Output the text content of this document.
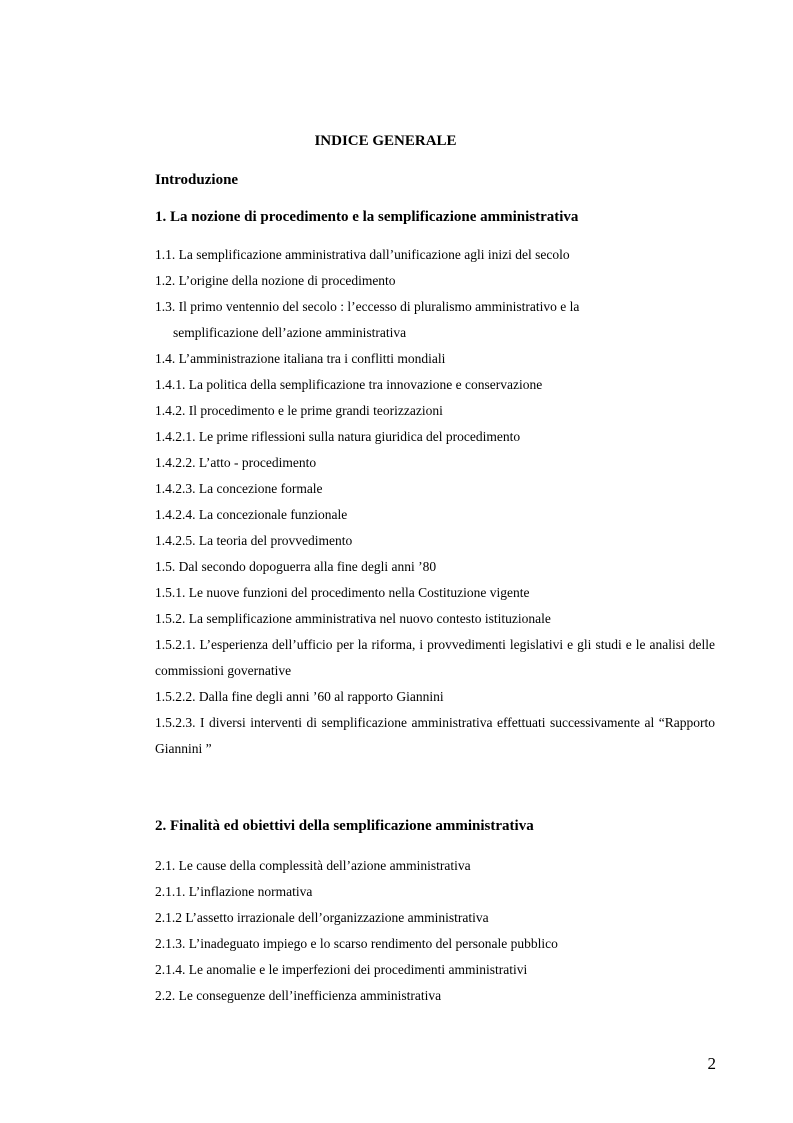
INDICE GENERALE
Introduzione
1. La nozione di procedimento e la semplificazione amministrativa
1.1. La semplificazione amministrativa dall’unificazione agli inizi del secolo
1.2. L’origine della nozione di procedimento
1.3. Il primo ventennio del secolo : l’eccesso di pluralismo amministrativo e la
semplificazione dell’azione amministrativa
1.4. L’amministrazione italiana tra i conflitti mondiali
1.4.1. La politica della semplificazione tra innovazione e conservazione
1.4.2. Il procedimento e le prime grandi teorizzazioni
1.4.2.1. Le prime riflessioni sulla natura giuridica del procedimento
1.4.2.2. L’atto - procedimento
1.4.2.3. La concezione formale
1.4.2.4. La concezionale funzionale
1.4.2.5. La teoria del provvedimento
1.5. Dal secondo dopoguerra alla fine degli anni ’80
1.5.1. Le nuove funzioni del procedimento nella Costituzione vigente
1.5.2. La semplificazione amministrativa nel nuovo contesto istituzionale
1.5.2.1. L’esperienza dell’ufficio per la riforma, i provvedimenti legislativi e gli studi e le analisi delle commissioni governative
1.5.2.2. Dalla fine degli anni ’60 al rapporto Giannini
1.5.2.3. I diversi interventi di semplificazione amministrativa effettuati successivamente al “Rapporto Giannini ”
2. Finalità ed obiettivi della semplificazione amministrativa
2.1. Le cause della complessità dell’azione amministrativa
2.1.1. L’inflazione normativa
2.1.2 L’assetto irrazionale dell’organizzazione amministrativa
2.1.3. L’inadeguato impiego e lo scarso rendimento del personale pubblico
2.1.4. Le anomalie e le imperfezioni dei procedimenti amministrativi
2.2. Le conseguenze dell’inefficienza amministrativa
2
